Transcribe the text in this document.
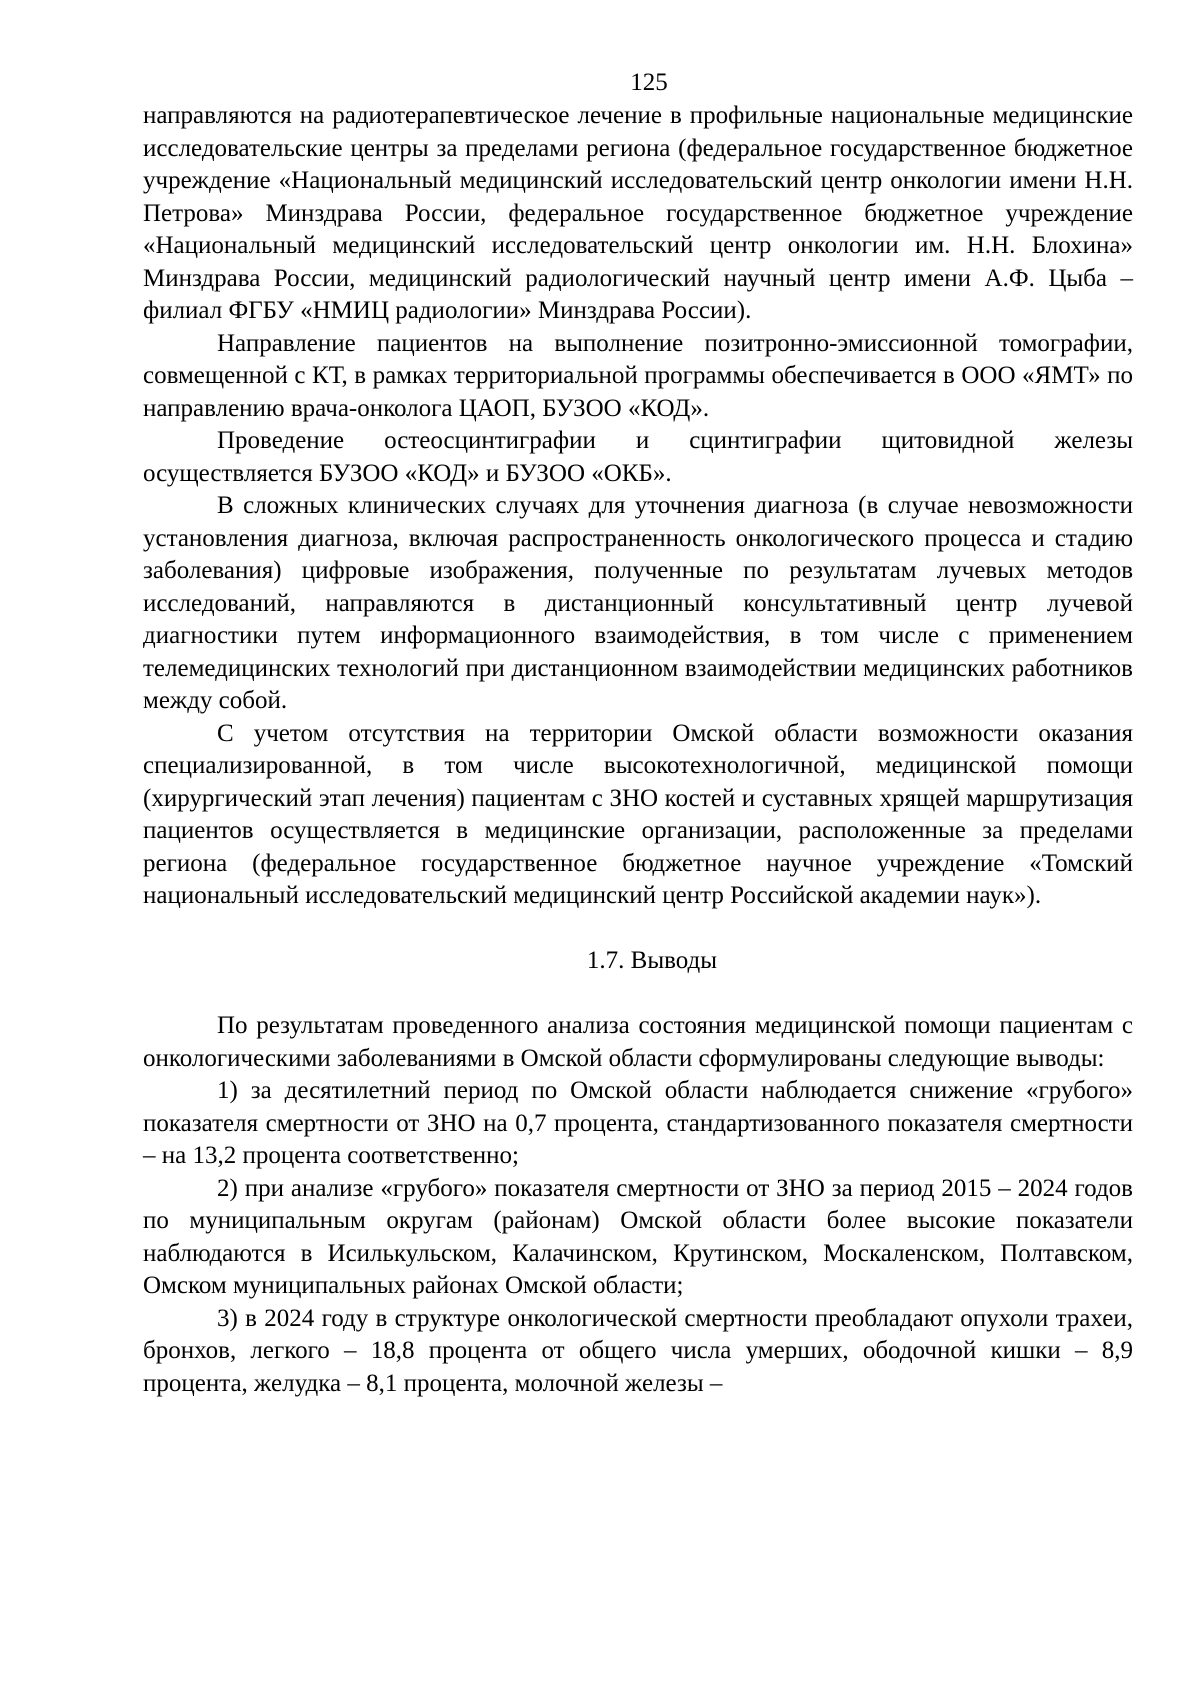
125

направляются на радиотерапевтическое лечение в профильные национальные медицинские исследовательские центры за пределами региона (федеральное государственное бюджетное учреждение «Национальный медицинский исследовательский центр онкологии имени Н.Н. Петрова» Минздрава России, федеральное государственное бюджетное учреждение «Национальный медицинский исследовательский центр онкологии им. Н.Н. Блохина» Минздрава России, медицинский радиологический научный центр имени А.Ф. Цыба – филиал ФГБУ «НМИЦ радиологии» Минздрава России).

Направление пациентов на выполнение позитронно-эмиссионной томографии, совмещенной с КТ, в рамках территориальной программы обеспечивается в ООО «ЯМТ» по направлению врача-онколога ЦАОП, БУЗОО «КОД».

Проведение остеосцинтиграфии и сцинтиграфии щитовидной железы осуществляется БУЗОО «КОД» и БУЗОО «ОКБ».

В сложных клинических случаях для уточнения диагноза (в случае невозможности установления диагноза, включая распространенность онкологического процесса и стадию заболевания) цифровые изображения, полученные по результатам лучевых методов исследований, направляются в дистанционный консультативный центр лучевой диагностики путем информационного взаимодействия, в том числе с применением телемедицинских технологий при дистанционном взаимодействии медицинских работников между собой.

С учетом отсутствия на территории Омской области возможности оказания специализированной, в том числе высокотехнологичной, медицинской помощи (хирургический этап лечения) пациентам с ЗНО костей и суставных хрящей маршрутизация пациентов осуществляется в медицинские организации, расположенные за пределами региона (федеральное государственное бюджетное научное учреждение «Томский национальный исследовательский медицинский центр Российской академии наук»).

1.7. Выводы

По результатам проведенного анализа состояния медицинской помощи пациентам с онкологическими заболеваниями в Омской области сформулированы следующие выводы:

1) за десятилетний период по Омской области наблюдается снижение «грубого» показателя смертности от ЗНО на 0,7 процента, стандартизованного показателя смертности – на 13,2 процента соответственно;

2) при анализе «грубого» показателя смертности от ЗНО за период 2015 – 2024 годов по муниципальным округам (районам) Омской области более высокие показатели наблюдаются в Исилькульском, Калачинском, Крутинском, Москаленском, Полтавском, Омском муниципальных районах Омской области;

3) в 2024 году в структуре онкологической смертности преобладают опухоли трахеи, бронхов, легкого – 18,8 процента от общего числа умерших, ободочной кишки – 8,9 процента, желудка – 8,1 процента, молочной железы –
